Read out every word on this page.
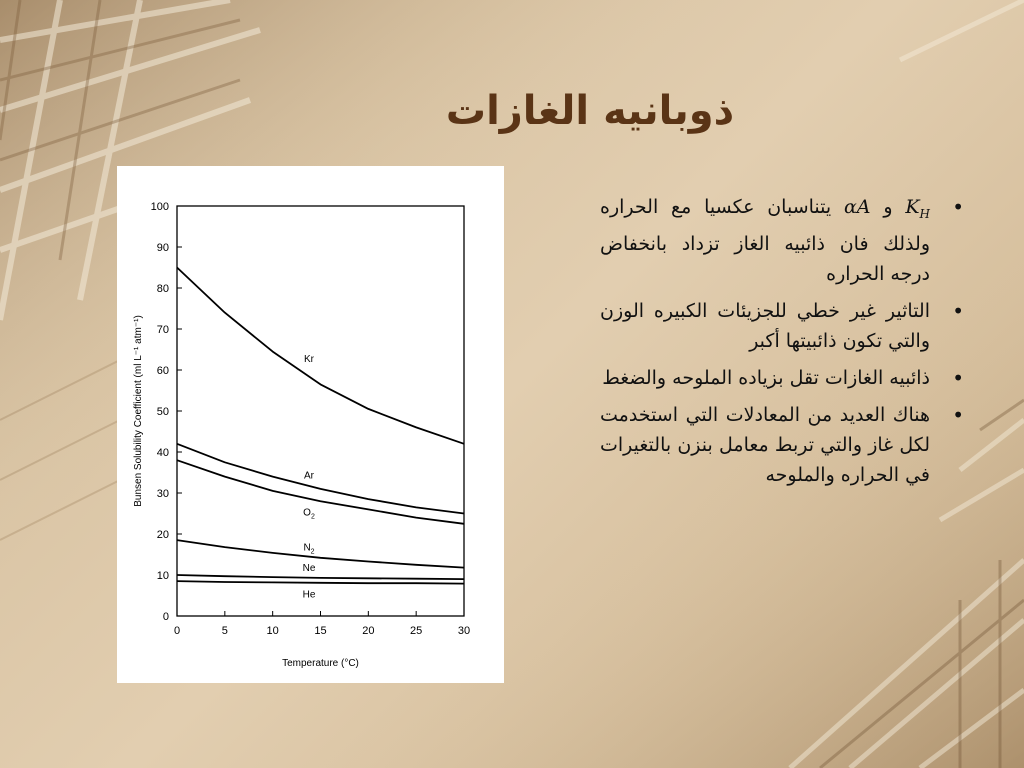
ذوبانيه الغازات
0
10
20
30
40
50
60
70
80
90
100
0	5	10	15	20	25	30
Temperature (°C)
Bunsen Solubility Coefficient (ml L⁻¹ atm⁻¹)	Kr
Ar
$O_2$
$N_2$
Ne
He
• $K_H$ و αA يتناسبان عكسيا مع الحراره ولذلك فان ذائبيه الغاز تزداد بانخفاض درجه الحراره
• التاثير غير خطي للجزيئات الكبيره الوزن والتي تكون ذائبيتها أكبر
• ذائبيه الغازات تقل بزياده الملوحه والضغط
• هناك العديد من المعادلات التي استخدمت لكل غاز والتي تربط معامل بنزن بالتغيرات في الحراره والملوحه
